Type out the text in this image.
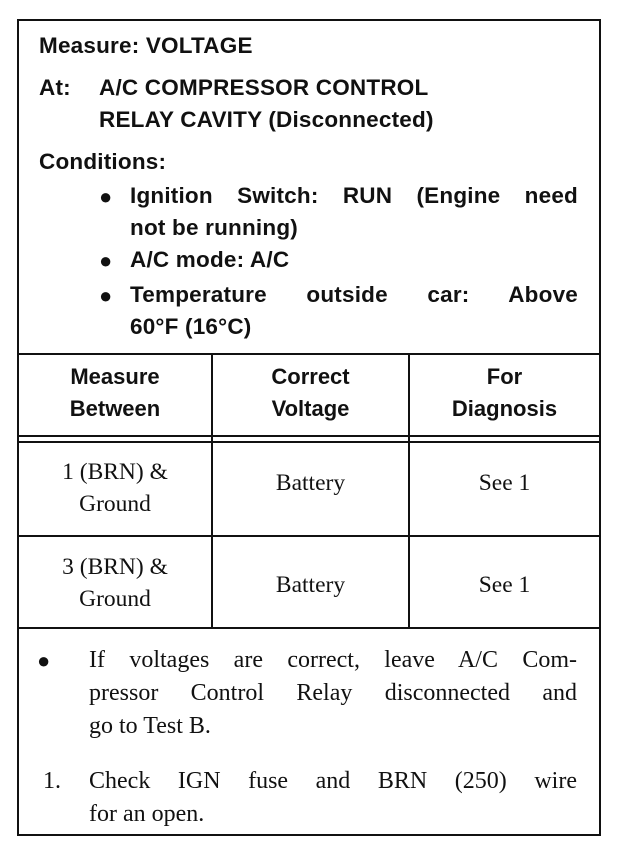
Measure: VOLTAGE
At: A/C COMPRESSOR CONTROL
RELAY CAVITY (Disconnected)
Conditions:
● Ignition Switch: RUN (Engine need
not be running)
● A/C mode: A/C
● Temperature outside car: Above
60°F (16°C)
Measure
Between
Correct
Voltage
For
Diagnosis
1 (BRN) &
Ground
Battery	See 1
3 (BRN) &
Ground
Battery	See 1
● If voltages are correct, leave A/C Com-
pressor Control Relay disconnected and
go to Test B.
1. Check IGN fuse and BRN (250) wire
for an open.
